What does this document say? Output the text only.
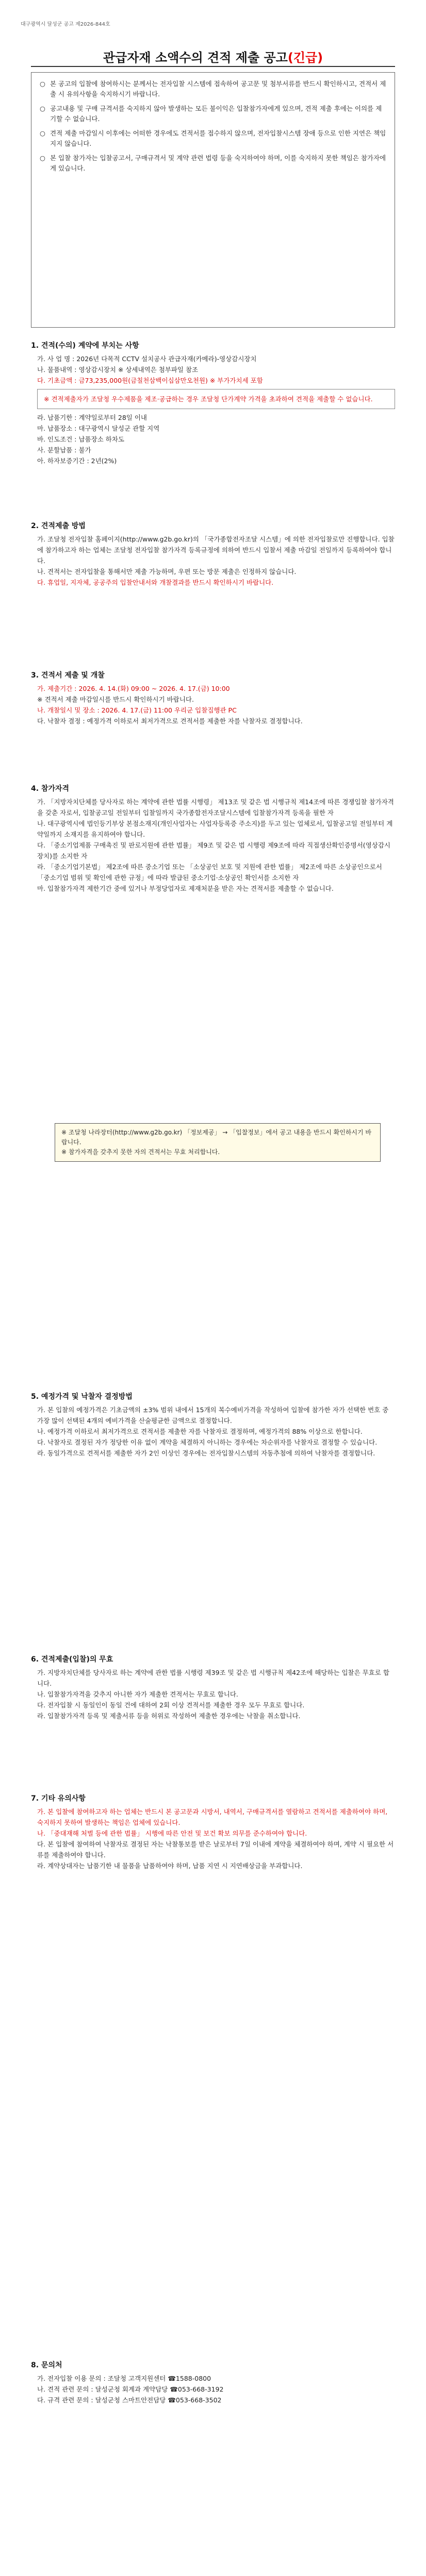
대구광역시 달성군 공고 제2026-844호
관급자재 소액수의 견적 제출 공고(긴급)
○ 본 공고의 입찰에 참여하시는 분께서는 전자입찰 시스템에 접속하여 공고문 및 첨부서류를 반드시 확인하시고, 견적서 제출 시 유의사항을 숙지하시기 바랍니다.
○ 공고내용 및 구매 규격서를 숙지하지 않아 발생하는 모든 불이익은 입찰참가자에게 있으며, 견적 제출 후에는 이의를 제기할 수 없습니다.
○ 견적 제출 마감일시 이후에는 어떠한 경우에도 견적서를 접수하지 않으며, 전자입찰시스템 장애 등으로 인한 지연은 책임지지 않습니다.
○ 본 입찰 참가자는 입찰공고서, 구매규격서 및 계약 관련 법령 등을 숙지하여야 하며, 이를 숙지하지 못한 책임은 참가자에게 있습니다.
1. 견적(수의) 계약에 부치는 사항
가. 사 업 명 : 2026년 다목적 CCTV 설치공사 관급자재(카메라)-영상감시장치
나. 물품내역 : 영상감시장치 ※ 상세내역은 첨부파일 참조
다. 기초금액 : 금73,235,000원(금칠천삼백이십삼만오천원) ※ 부가가치세 포함
※ 견적제출자가 조달청 우수제품을 제조·공급하는 경우 조달청 단가계약 가격을 초과하여 견적을 제출할 수 없습니다.
라. 납품기한 : 계약일로부터 28일 이내
마. 납품장소 : 대구광역시 달성군 관할 지역
바. 인도조건 : 납품장소 하차도
사. 분할납품 : 불가
아. 하자보증기간 : 2년(2%)
2. 견적제출 방법
가. 조달청 전자입찰 홈페이지(http://www.g2b.go.kr)의 「국가종합전자조달 시스템」에 의한 전자입찰로만 진행합니다. 입찰에 참가하고자 하는 업체는 조달청 전자입찰 참가자격 등록규정에 의하여 반드시 입찰서 제출 마감일 전일까지 등록하여야 합니다.
나. 견적서는 전자입찰을 통해서만 제출 가능하며, 우편 또는 방문 제출은 인정하지 않습니다.
다. 휴업일, 지자체, 공공주의 입찰안내서와 개찰결과를 반드시 확인하시기 바랍니다.
3. 견적서 제출 및 개찰
가. 제출기간 : 2026. 4. 14.(화) 09:00 ~ 2026. 4. 17.(금) 10:00
※ 견적서 제출 마감일시를 반드시 확인하시기 바랍니다.
나. 개찰일시 및 장소 : 2026. 4. 17.(금) 11:00 우리군 입찰집행관 PC
다. 낙찰자 결정 : 예정가격 이하로서 최저가격으로 견적서를 제출한 자를 낙찰자로 결정합니다.
4. 참가자격
가. 「지방자치단체를 당사자로 하는 계약에 관한 법률 시행령」 제13조 및 같은 법 시행규칙 제14조에 따른 경쟁입찰 참가자격을 갖춘 자로서, 입찰공고일 전일부터 입찰일까지 국가종합전자조달시스템에 입찰참가자격 등록을 필한 자
나. 대구광역시에 법인등기부상 본점소재지(개인사업자는 사업자등록증 주소지)를 두고 있는 업체로서, 입찰공고일 전일부터 계약일까지 소재지를 유지하여야 합니다.
다. 「중소기업제품 구매촉진 및 판로지원에 관한 법률」 제9조 및 같은 법 시행령 제9조에 따라 직접생산확인증명서(영상감시장치)를 소지한 자
라. 「중소기업기본법」 제2조에 따른 중소기업 또는 「소상공인 보호 및 지원에 관한 법률」 제2조에 따른 소상공인으로서 「중소기업 범위 및 확인에 관한 규정」에 따라 발급된 중소기업·소상공인 확인서를 소지한 자
마. 입찰참가자격 제한기간 중에 있거나 부정당업자로 제재처분을 받은 자는 견적서를 제출할 수 없습니다.
※ 조달청 나라장터(http://www.g2b.go.kr) 「정보제공」 → 「입찰정보」에서 공고 내용을 반드시 확인하시기 바랍니다.
※ 참가자격을 갖추지 못한 자의 견적서는 무효 처리합니다.
5. 예정가격 및 낙찰자 결정방법
가. 본 입찰의 예정가격은 기초금액의 ±3% 범위 내에서 15개의 복수예비가격을 작성하여 입찰에 참가한 자가 선택한 번호 중 가장 많이 선택된 4개의 예비가격을 산술평균한 금액으로 결정합니다.
나. 예정가격 이하로서 최저가격으로 견적서를 제출한 자를 낙찰자로 결정하며, 예정가격의 88% 이상으로 한합니다.
다. 낙찰자로 결정된 자가 정당한 이유 없이 계약을 체결하지 아니하는 경우에는 차순위자를 낙찰자로 결정할 수 있습니다.
라. 동일가격으로 견적서를 제출한 자가 2인 이상인 경우에는 전자입찰시스템의 자동추첨에 의하여 낙찰자를 결정합니다.
6. 견적제출(입찰)의 무효
가. 지방자치단체를 당사자로 하는 계약에 관한 법률 시행령 제39조 및 같은 법 시행규칙 제42조에 해당하는 입찰은 무효로 합니다.
나. 입찰참가자격을 갖추지 아니한 자가 제출한 견적서는 무효로 합니다.
다. 전자입찰 시 동일인이 동일 건에 대하여 2회 이상 견적서를 제출한 경우 모두 무효로 합니다.
라. 입찰참가자격 등록 및 제출서류 등을 허위로 작성하여 제출한 경우에는 낙찰을 취소합니다.
7. 기타 유의사항
가. 본 입찰에 참여하고자 하는 업체는 반드시 본 공고문과 시방서, 내역서, 구매규격서를 열람하고 견적서를 제출하여야 하며, 숙지하지 못하여 발생하는 책임은 업체에 있습니다.
나. 「중대재해 처벌 등에 관한 법률」 시행에 따른 안전 및 보건 확보 의무를 준수하여야 합니다.
다. 본 입찰에 참여하여 낙찰자로 결정된 자는 낙찰통보를 받은 날로부터 7일 이내에 계약을 체결하여야 하며, 계약 시 필요한 서류를 제출하여야 합니다.
라. 계약상대자는 납품기한 내 물품을 납품하여야 하며, 납품 지연 시 지연배상금을 부과합니다.
8. 문의처
가. 전자입찰 이용 문의 : 조달청 고객지원센터 ☎1588-0800
나. 견적 관련 문의 : 달성군청 회계과 계약담당 ☎053-668-3192
다. 규격 관련 문의 : 달성군청 스마트안전담당 ☎053-668-3502
